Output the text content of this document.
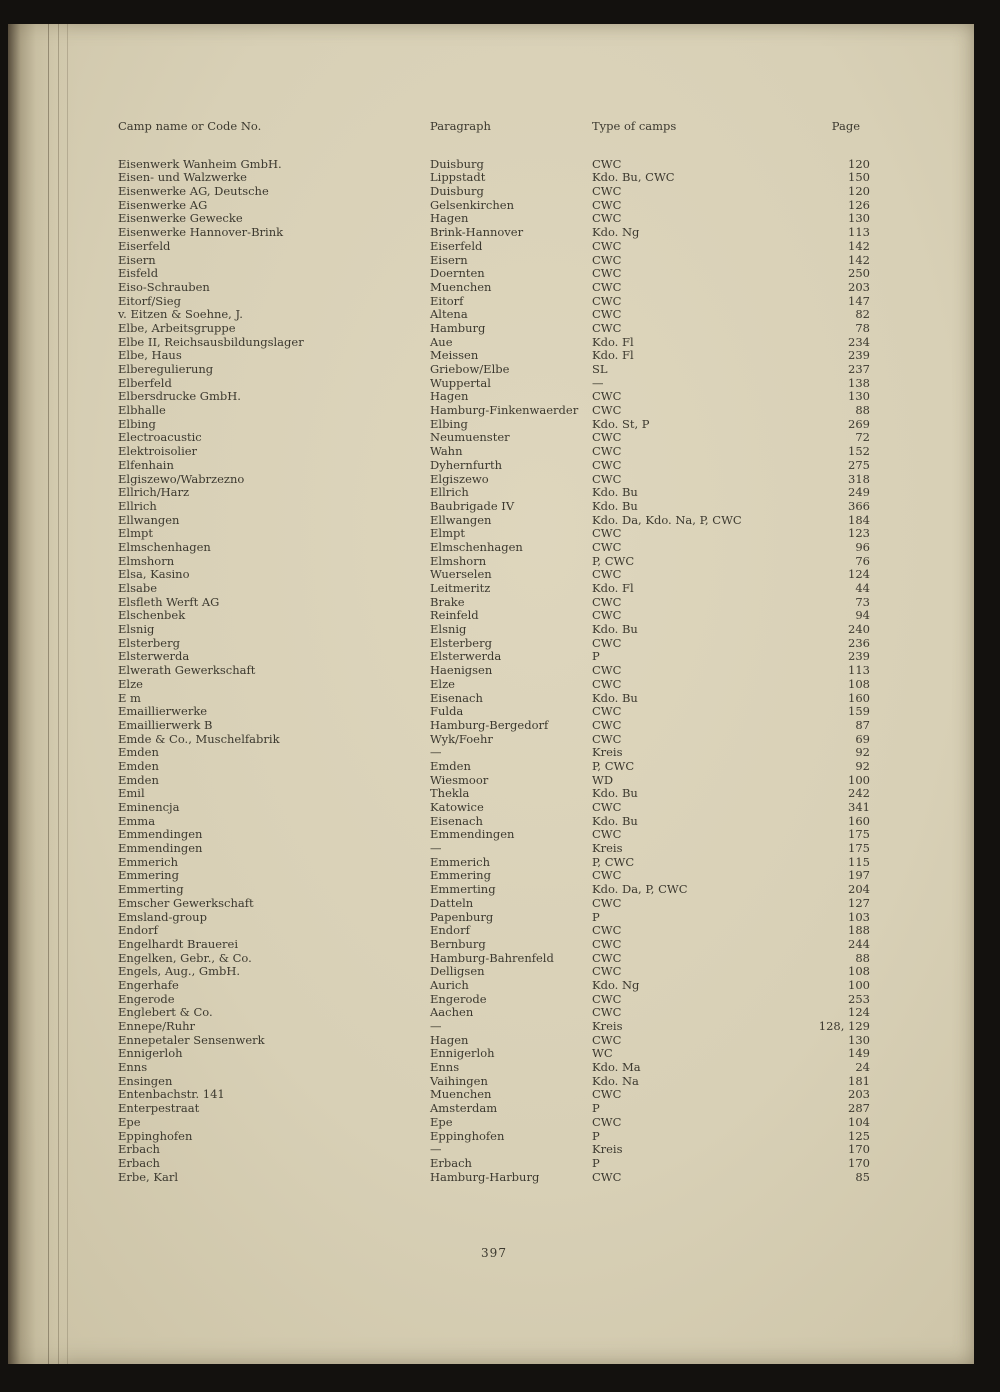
Camp name or Code No.	Paragraph	Type of camps	Page
Eisenwerk Wanheim GmbH.	Duisburg	CWC	120
Eisen- und Walzwerke	Lippstadt	Kdo. Bu, CWC	150
Eisenwerke AG, Deutsche	Duisburg	CWC	120
Eisenwerke AG	Gelsenkirchen	CWC	126
Eisenwerke Gewecke	Hagen	CWC	130
Eisenwerke Hannover-Brink	Brink-Hannover	Kdo. Ng	113
Eiserfeld	Eiserfeld	CWC	142
Eisern	Eisern	CWC	142
Eisfeld	Doernten	CWC	250
Eiso-Schrauben	Muenchen	CWC	203
Eitorf/Sieg	Eitorf	CWC	147
v. Eitzen & Soehne, J.	Altena	CWC	82
Elbe, Arbeitsgruppe	Hamburg	CWC	78
Elbe II, Reichsausbildungslager	Aue	Kdo. Fl	234
Elbe, Haus	Meissen	Kdo. Fl	239
Elberegulierung	Griebow/Elbe	SL	237
Elberfeld	Wuppertal	—	138
Elbersdrucke GmbH.	Hagen	CWC	130
Elbhalle	Hamburg-Finkenwaerder	CWC	88
Elbing	Elbing	Kdo. St, P	269
Electroacustic	Neumuenster	CWC	72
Elektroisolier	Wahn	CWC	152
Elfenhain	Dyhernfurth	CWC	275
Elgiszewo/Wabrzezno	Elgiszewo	CWC	318
Ellrich/Harz	Ellrich	Kdo. Bu	249
Ellrich	Baubrigade IV	Kdo. Bu	366
Ellwangen	Ellwangen	Kdo. Da, Kdo. Na, P, CWC	184
Elmpt	Elmpt	CWC	123
Elmschenhagen	Elmschenhagen	CWC	96
Elmshorn	Elmshorn	P, CWC	76
Elsa, Kasino	Wuerselen	CWC	124
Elsabe	Leitmeritz	Kdo. Fl	44
Elsfleth Werft AG	Brake	CWC	73
Elschenbek	Reinfeld	CWC	94
Elsnig	Elsnig	Kdo. Bu	240
Elsterberg	Elsterberg	CWC	236
Elsterwerda	Elsterwerda	P	239
Elwerath Gewerkschaft	Haenigsen	CWC	113
Elze	Elze	CWC	108
E m	Eisenach	Kdo. Bu	160
Emaillierwerke	Fulda	CWC	159
Emaillierwerk B	Hamburg-Bergedorf	CWC	87
Emde & Co., Muschelfabrik	Wyk/Foehr	CWC	69
Emden	—	Kreis	92
Emden	Emden	P, CWC	92
Emden	Wiesmoor	WD	100
Emil	Thekla	Kdo. Bu	242
Eminencja	Katowice	CWC	341
Emma	Eisenach	Kdo. Bu	160
Emmendingen	Emmendingen	CWC	175
Emmendingen	—	Kreis	175
Emmerich	Emmerich	P, CWC	115
Emmering	Emmering	CWC	197
Emmerting	Emmerting	Kdo. Da, P, CWC	204
Emscher Gewerkschaft	Datteln	CWC	127
Emsland-group	Papenburg	P	103
Endorf	Endorf	CWC	188
Engelhardt Brauerei	Bernburg	CWC	244
Engelken, Gebr., & Co.	Hamburg-Bahrenfeld	CWC	88
Engels, Aug., GmbH.	Delligsen	CWC	108
Engerhafe	Aurich	Kdo. Ng	100
Engerode	Engerode	CWC	253
Englebert & Co.	Aachen	CWC	124
Ennepe/Ruhr	—	Kreis	128, 129
Ennepetaler Sensenwerk	Hagen	CWC	130
Ennigerloh	Ennigerloh	WC	149
Enns	Enns	Kdo. Ma	24
Ensingen	Vaihingen	Kdo. Na	181
Entenbachstr. 141	Muenchen	CWC	203
Enterpestraat	Amsterdam	P	287
Epe	Epe	CWC	104
Eppinghofen	Eppinghofen	P	125
Erbach	—	Kreis	170
Erbach	Erbach	P	170
Erbe, Karl	Hamburg-Harburg	CWC	85
397
